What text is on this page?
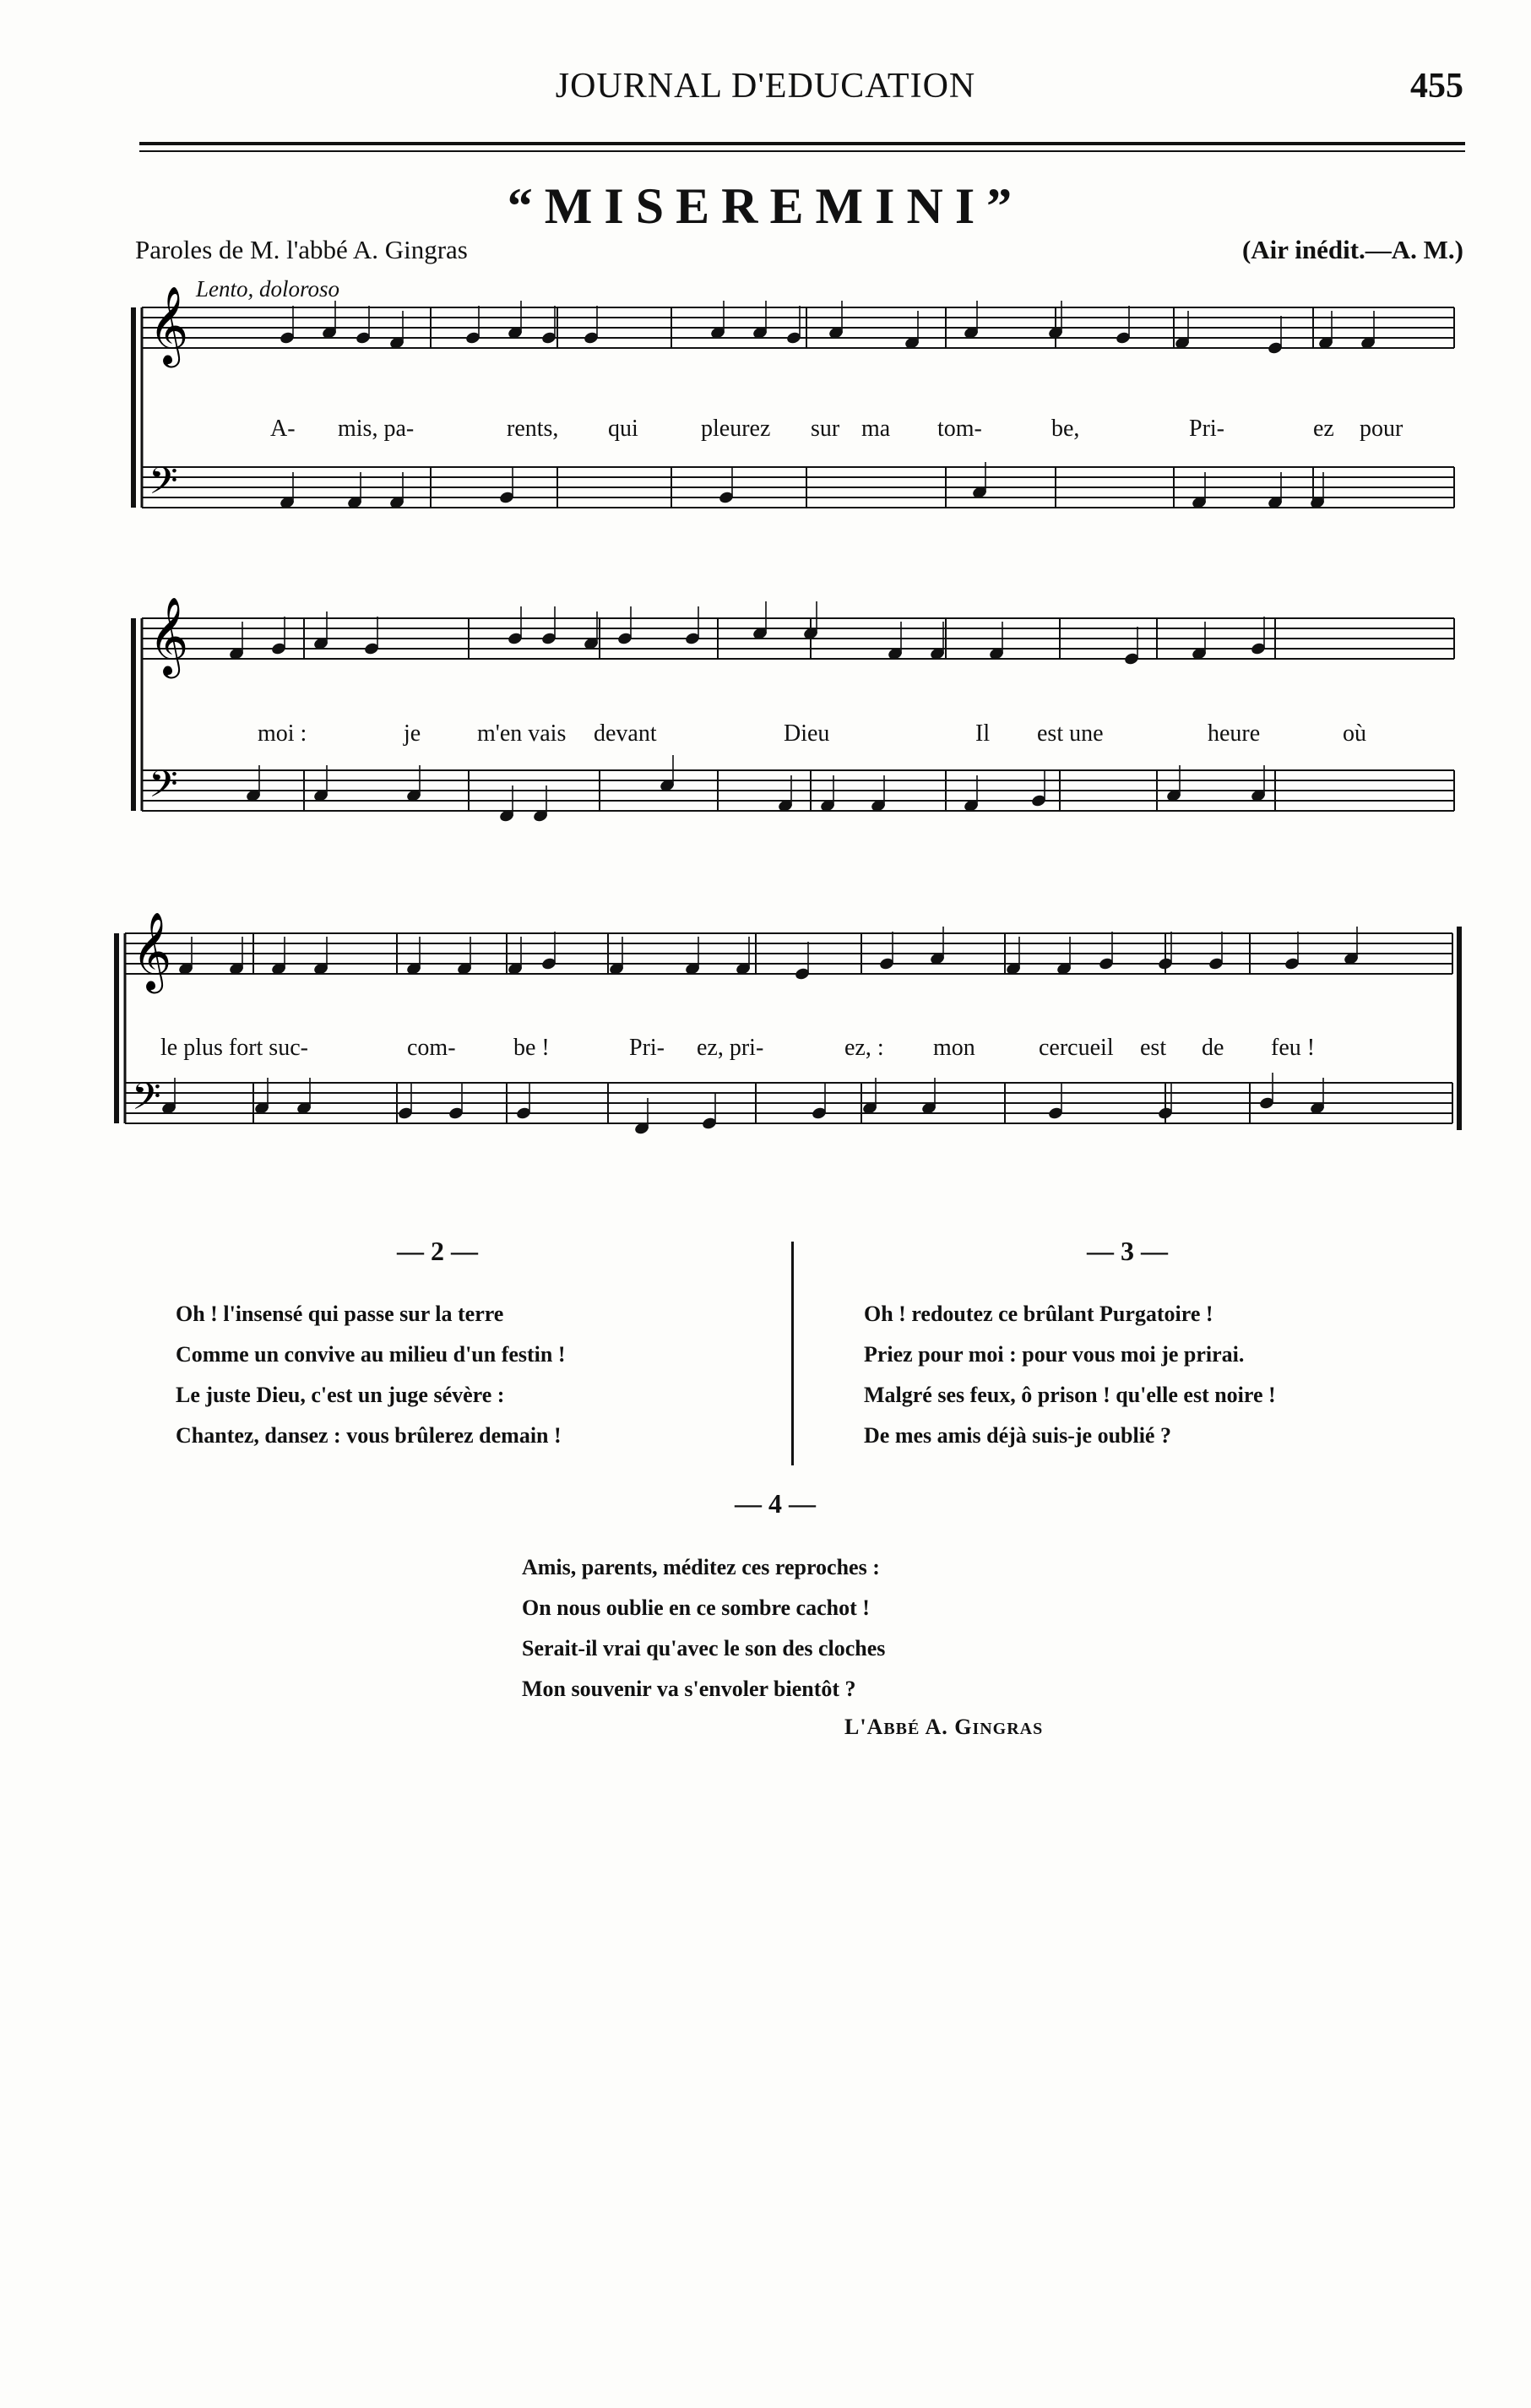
JOURNAL D'EDUCATION	455
“MISEREMINI”
Paroles de M. l'abbé A. Gingras	(Air inédit.—A. M.)
Lento, doloroso
𝄞
𝄢
𝄞
𝄢
𝄞
𝄢
A- mis, pa-	rents, qui	pleurez sur ma tom-	be,	Pri-	ez pour
moi :	je m'en vais devant	Dieu	Il est une	heure	où
le plus fort suc-	com- be !	Pri- ez, pri-	ez, : mon	cercueil est de feu !
— 2 —
Oh ! l'insensé qui passe sur la terre
Comme un convive au milieu d'un festin !
Le juste Dieu, c'est un juge sévère :
Chantez, dansez : vous brûlerez demain !
— 3 —
Oh ! redoutez ce brûlant Purgatoire !
Priez pour moi : pour vous moi je prirai.
Malgré ses feux, ô prison ! qu'elle est noire !
De mes amis déjà suis-je oublié ?
— 4 —
Amis, parents, méditez ces reproches :
On nous oublie en ce sombre cachot !
Serait-il vrai qu'avec le son des cloches
Mon souvenir va s'envoler bientôt ?
L'ABBÉ A. GINGRAS
